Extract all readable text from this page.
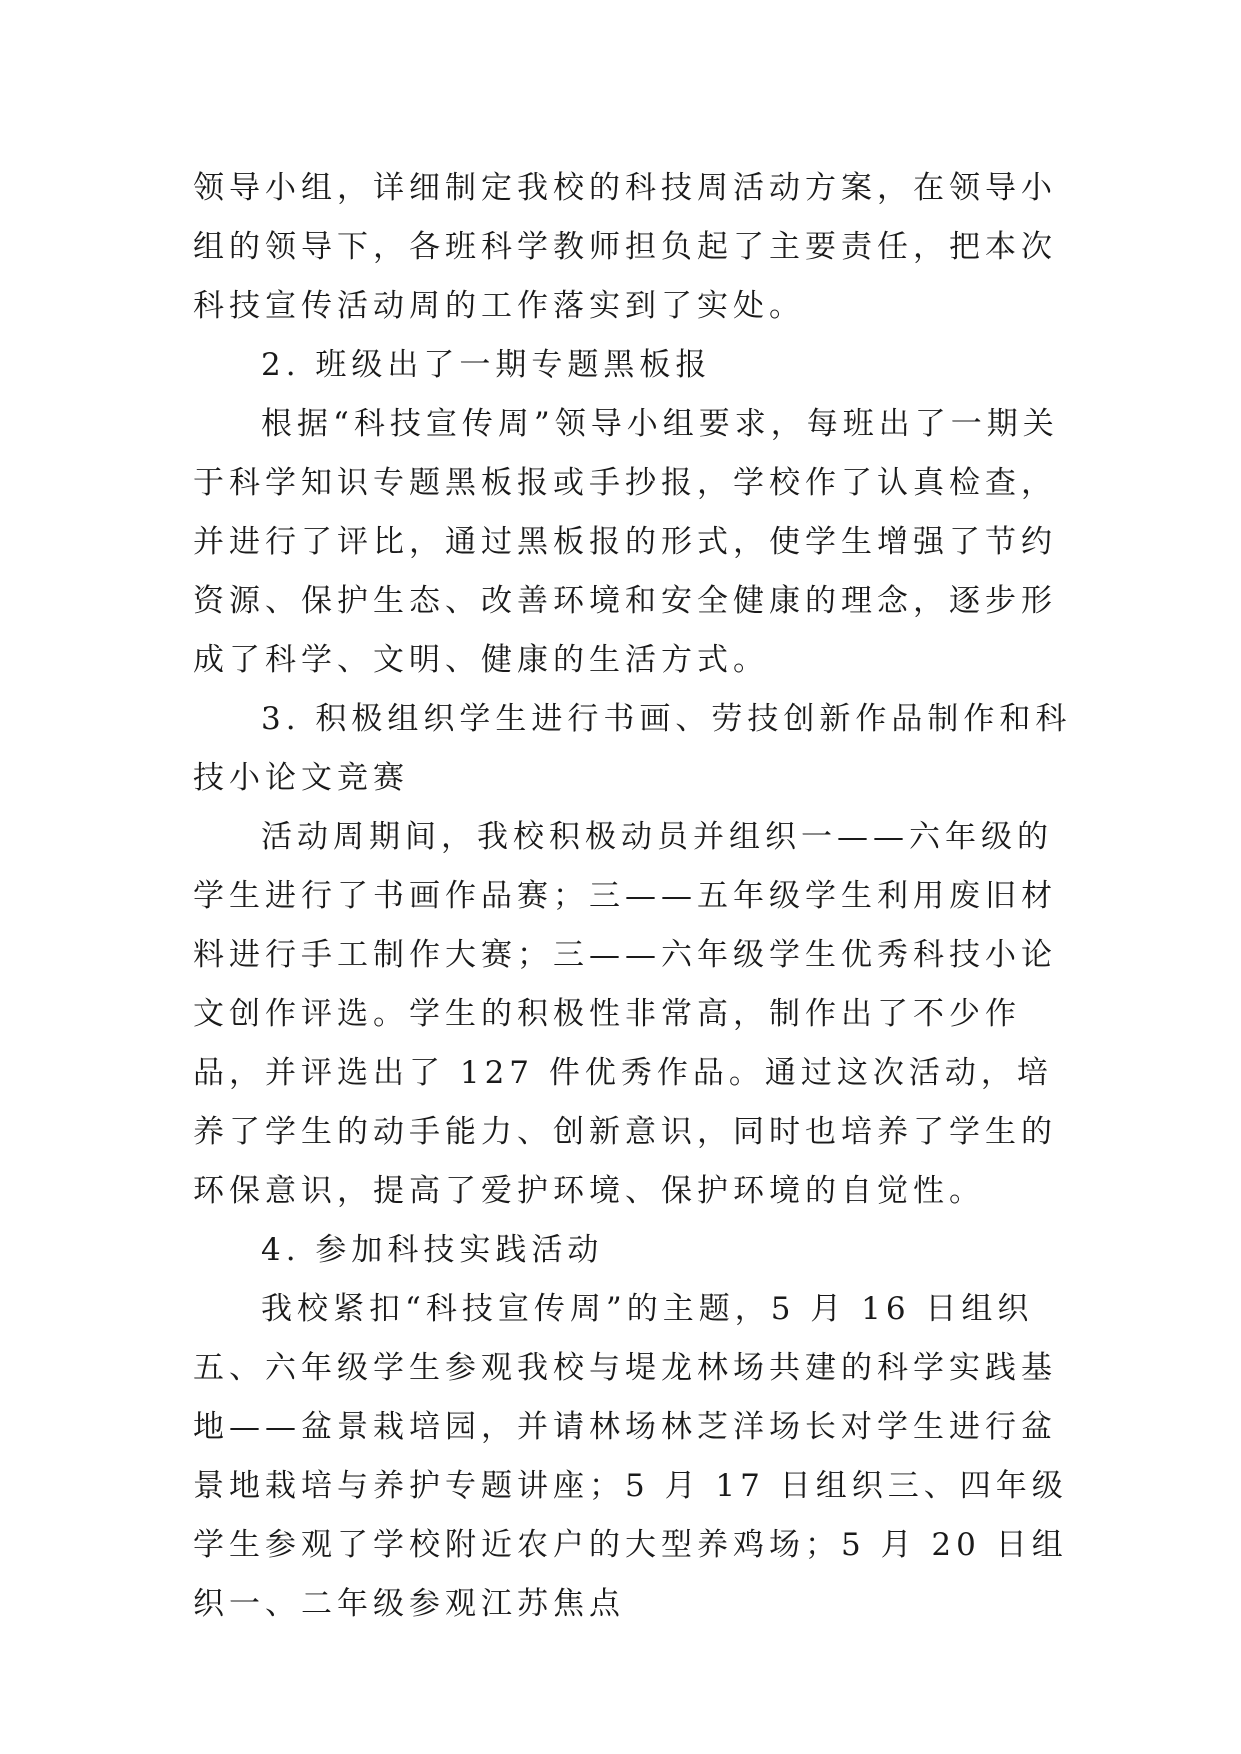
领导小组，详细制定我校的科技周活动方案，在领导小组的领导下，各班科学教师担负起了主要责任，把本次科技宣传活动周的工作落实到了实处。

2. 班级出了一期专题黑板报

根据“科技宣传周”领导小组要求，每班出了一期关于科学知识专题黑板报或手抄报，学校作了认真检查，并进行了评比，通过黑板报的形式，使学生增强了节约资源、保护生态、改善环境和安全健康的理念，逐步形成了科学、文明、健康的生活方式。

3. 积极组织学生进行书画、劳技创新作品制作和科技小论文竞赛

活动周期间，我校积极动员并组织一——六年级的学生进行了书画作品赛；三——五年级学生利用废旧材料进行手工制作大赛；三——六年级学生优秀科技小论文创作评选。学生的积极性非常高，制作出了不少作品，并评选出了 127 件优秀作品。通过这次活动，培养了学生的动手能力、创新意识，同时也培养了学生的环保意识，提高了爱护环境、保护环境的自觉性。

4. 参加科技实践活动

我校紧扣“科技宣传周”的主题，5 月 16 日组织五、六年级学生参观我校与堤龙林场共建的科学实践基地——盆景栽培园，并请林场林芝洋场长对学生进行盆景地栽培与养护专题讲座；5 月 17 日组织三、四年级学生参观了学校附近农户的大型养鸡场；5 月 20 日组织一、二年级参观江苏焦点
